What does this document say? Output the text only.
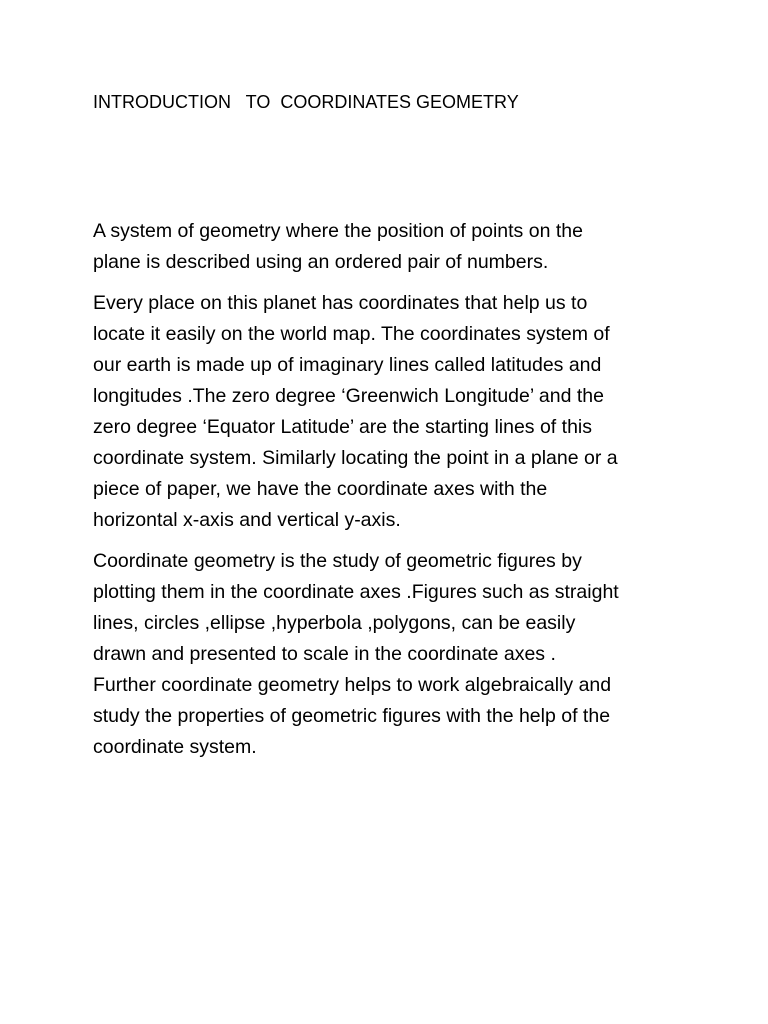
INTRODUCTION   TO  COORDINATES GEOMETRY

A system of geometry where the position of points on the
plane is described using an ordered pair of numbers.

Every place on this planet has coordinates that help us to
locate it easily on the world map. The coordinates system of
our earth is made up of imaginary lines called latitudes and
longitudes .The zero degree ‘Greenwich Longitude’ and the
zero degree ‘Equator Latitude’ are the starting lines of this
coordinate system. Similarly locating the point in a plane or a
piece of paper, we have the coordinate axes with the
horizontal x-axis and vertical y-axis.

Coordinate geometry is the study of geometric figures by
plotting them in the coordinate axes .Figures such as straight
lines, circles ,ellipse ,hyperbola ,polygons, can be easily
drawn and presented to scale in the coordinate axes .
Further coordinate geometry helps to work algebraically and
study the properties of geometric figures with the help of the
coordinate system.
